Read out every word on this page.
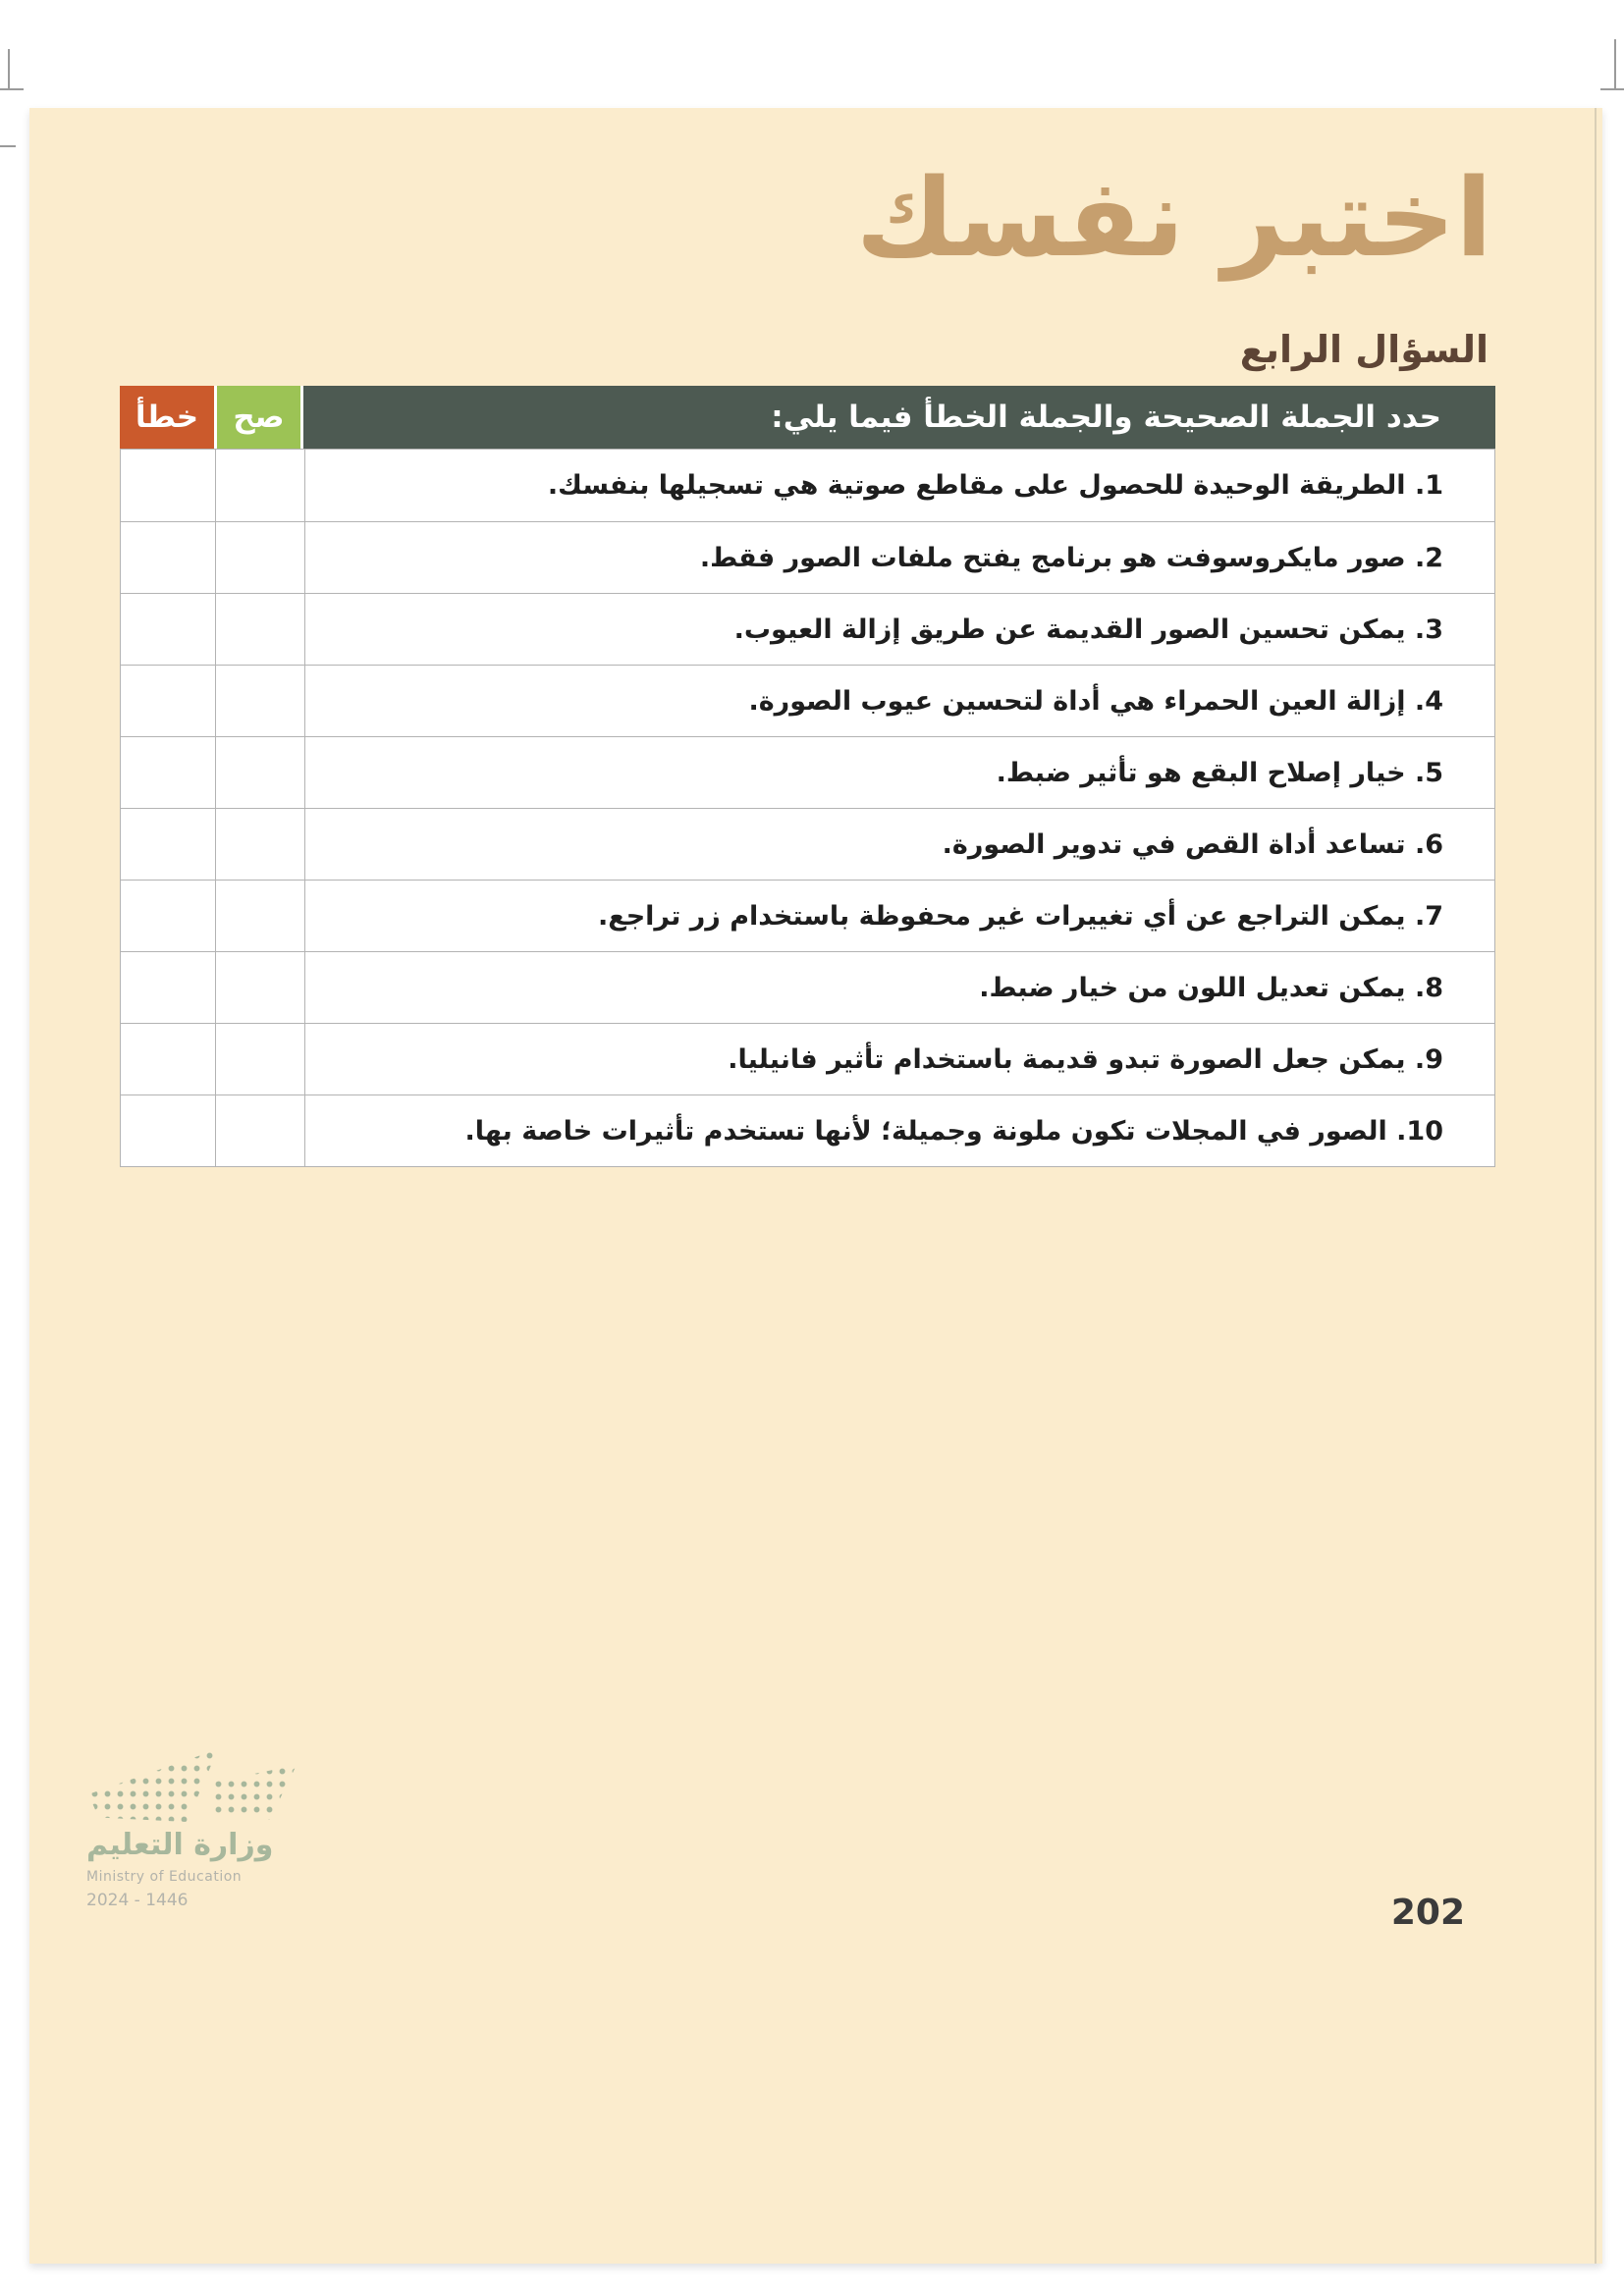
اختبر نفسك
السؤال الرابع
حدد الجملة الصحيحة والجملة الخطأ فيما يلي:
صح
خطأ
1. الطريقة الوحيدة للحصول على مقاطع صوتية هي تسجيلها بنفسك.
2. صور مايكروسوفت هو برنامج يفتح ملفات الصور فقط.
3. يمكن تحسين الصور القديمة عن طريق إزالة العيوب.
4. إزالة العين الحمراء هي أداة لتحسين عيوب الصورة.
5. خيار إصلاح البقع هو تأثير ضبط.
6. تساعد أداة القص في تدوير الصورة.
7. يمكن التراجع عن أي تغييرات غير محفوظة باستخدام زر تراجع.
8. يمكن تعديل اللون من خيار ضبط.
9. يمكن جعل الصورة تبدو قديمة باستخدام تأثير فانيليا.
10. الصور في المجلات تكون ملونة وجميلة؛ لأنها تستخدم تأثيرات خاصة بها.
وزارة التعليم
Ministry of Education
2024 - 1446	202
